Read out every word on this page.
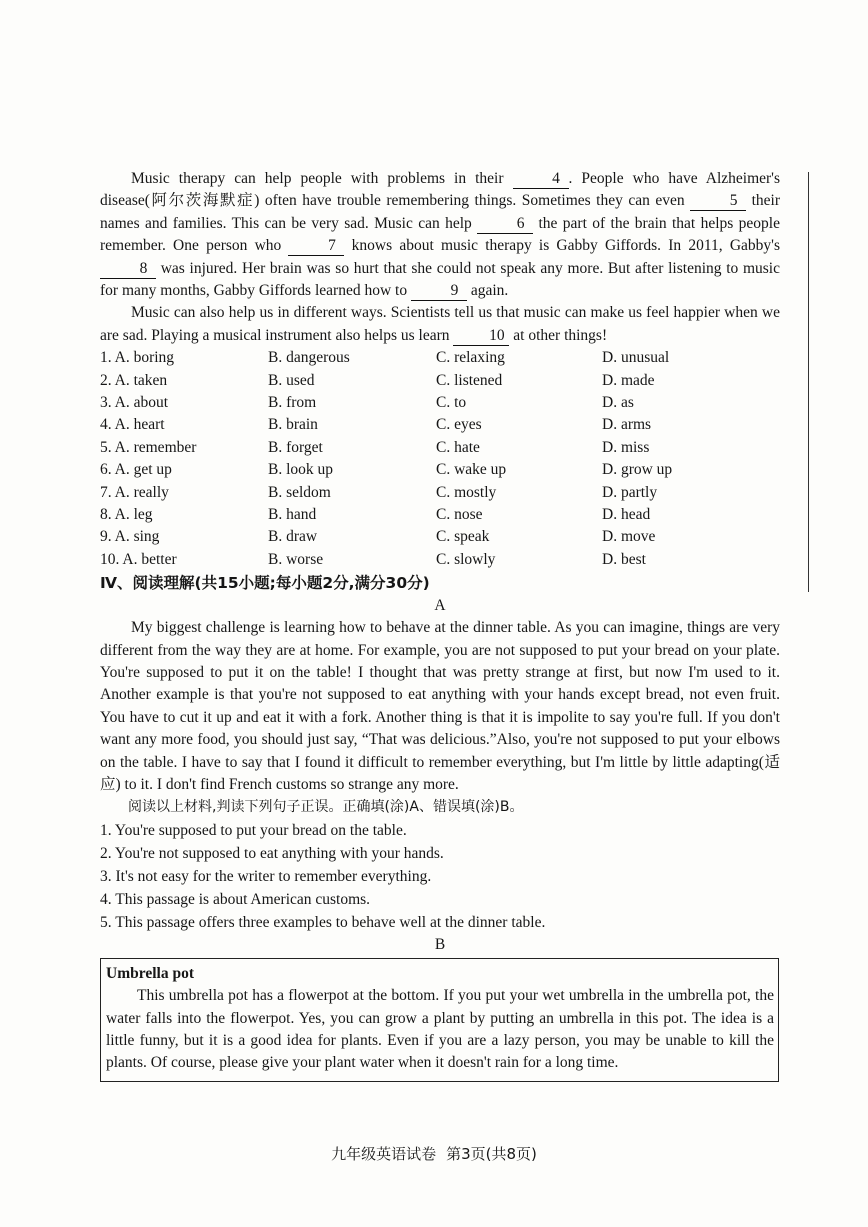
Music therapy can help people with problems in their	4 . People who have Alzheimer's disease(阿尔茨海默症) often have trouble remembering things. Sometimes they can even	5 their names and families. This can be very sad. Music can help	6 the part of the brain that helps people remember. One person who	7 knows about music therapy is Gabby Giffords. In 2011, Gabby's 8 was injured. Her brain was so hurt that she could not speak any more. But after listening to music for many months, Gabby Giffords learned how to	9 again.

Music can also help us in different ways. Scientists tell us that music can make us feel happier when we are sad. Playing a musical instrument also helps us learn 10 at other things!

1. A. boring	B. dangerous	C. relaxing	D. unusual
2. A. taken	B. used	C. listened	D. made
3. A. about	B. from	C. to	D. as
4. A. heart	B. brain	C. eyes	D. arms
5. A. remember	B. forget	C. hate	D. miss
6. A. get up	B. look up	C. wake up	D. grow up
7. A. really	B. seldom	C. mostly	D. partly
8. A. leg	B. hand	C. nose	D. head
9. A. sing	B. draw	C. speak	D. move
10. A. better	B. worse	C. slowly	D. best
Ⅳ、阅读理解(共15小题;每小题2分,满分30分)
A

My biggest challenge is learning how to behave at the dinner table. As you can imagine, things are very different from the way they are at home. For example, you are not supposed to put your bread on your plate. You're supposed to put it on the table! I thought that was pretty strange at first, but now I'm used to it. Another example is that you're not supposed to eat anything with your hands except bread, not even fruit. You have to cut it up and eat it with a fork. Another thing is that it is impolite to say you're full. If you don't want any more food, you should just say, “That was delicious.”Also, you're not supposed to put your elbows on the table. I have to say that I found it difficult to remember everything, but I'm little by little adapting(适应) to it. I don't find French customs so strange any more.

阅读以上材料,判读下列句子正误。正确填(涂)A、错误填(涂)B。
1. You're supposed to put your bread on the table.
2. You're not supposed to eat anything with your hands.
3. It's not easy for the writer to remember everything.
4. This passage is about American customs.
5. This passage offers three examples to behave well at the dinner table.
B
Umbrella pot

This umbrella pot has a flowerpot at the bottom. If you put your wet umbrella in the umbrella pot, the water falls into the flowerpot. Yes, you can grow a plant by putting an umbrella in this pot. The idea is a little funny, but it is a good idea for plants. Even if you are a lazy person, you may be unable to kill the plants. Of course, please give your plant water when it doesn't rain for a long time.

九年级英语试卷 第3页(共8页)
